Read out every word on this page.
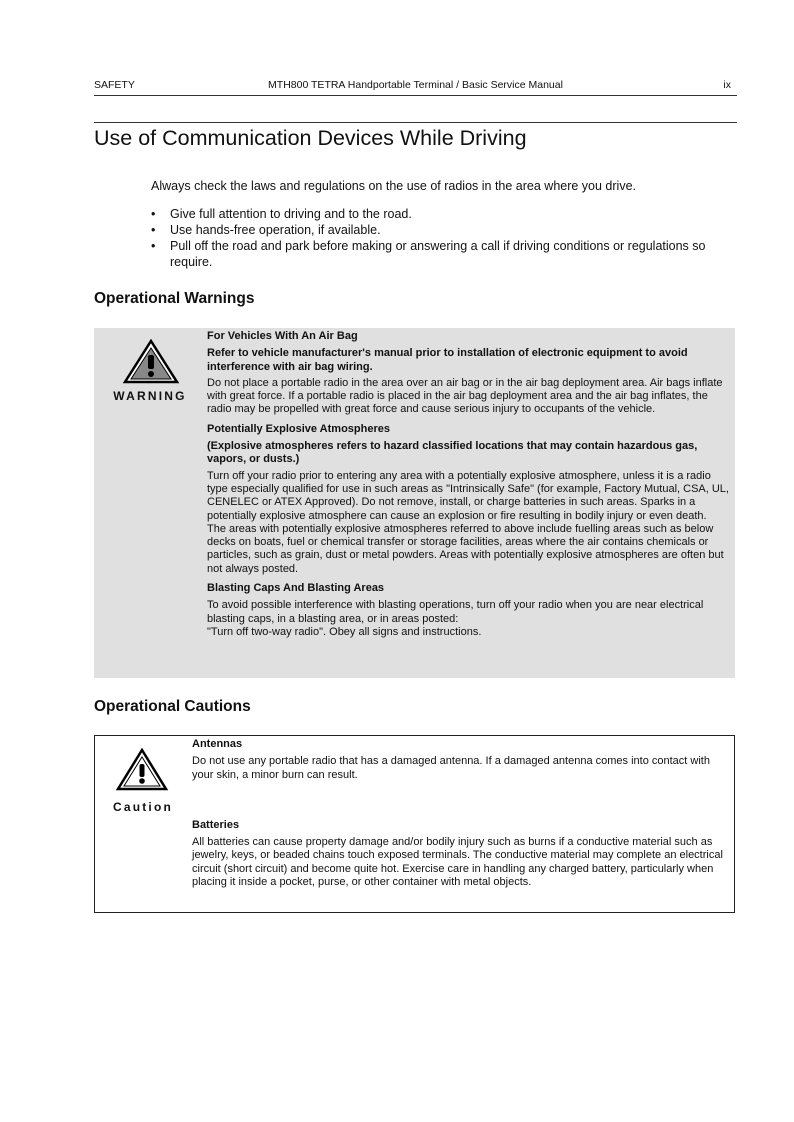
SAFETY	MTH800 TETRA Handportable Terminal / Basic Service Manual	ix
Use of Communication Devices While Driving

Always check the laws and regulations on the use of radios in the area where you drive.

• Give full attention to driving and to the road.
• Use hands-free operation, if available.
• Pull off the road and park before making or answering a call if driving conditions or regulations so require.
Operational Warnings
WARNING

For Vehicles With An Air Bag

Refer to vehicle manufacturer's manual prior to installation of electronic equipment to avoid interference with air bag wiring.

Do not place a portable radio in the area over an air bag or in the air bag deployment area. Air bags inflate with great force. If a portable radio is placed in the air bag deployment area and the air bag inflates, the radio may be propelled with great force and cause serious injury to occupants of the vehicle.

Potentially Explosive Atmospheres

(Explosive atmospheres refers to hazard classified locations that may contain hazardous gas, vapors, or dusts.)

Turn off your radio prior to entering any area with a potentially explosive atmosphere, unless it is a radio type especially qualified for use in such areas as "Intrinsically Safe" (for example, Factory Mutual, CSA, UL, CENELEC or ATEX Approved). Do not remove, install, or charge batteries in such areas. Sparks in a potentially explosive atmosphere can cause an explosion or fire resulting in bodily injury or even death.

The areas with potentially explosive atmospheres referred to above include fuelling areas such as below decks on boats, fuel or chemical transfer or storage facilities, areas where the air contains chemicals or particles, such as grain, dust or metal powders. Areas with potentially explosive atmospheres are often but not always posted.

Blasting Caps And Blasting Areas

To avoid possible interference with blasting operations, turn off your radio when you are near electrical blasting caps, in a blasting area, or in areas posted:

"Turn off two-way radio". Obey all signs and instructions.

Operational Cautions
Caution

Antennas

Do not use any portable radio that has a damaged antenna. If a damaged antenna comes into contact with your skin, a minor burn can result.

Batteries

All batteries can cause property damage and/or bodily injury such as burns if a conductive material such as jewelry, keys, or beaded chains touch exposed terminals. The conductive material may complete an electrical circuit (short circuit) and become quite hot. Exercise care in handling any charged battery, particularly when placing it inside a pocket, purse, or other container with metal objects.
